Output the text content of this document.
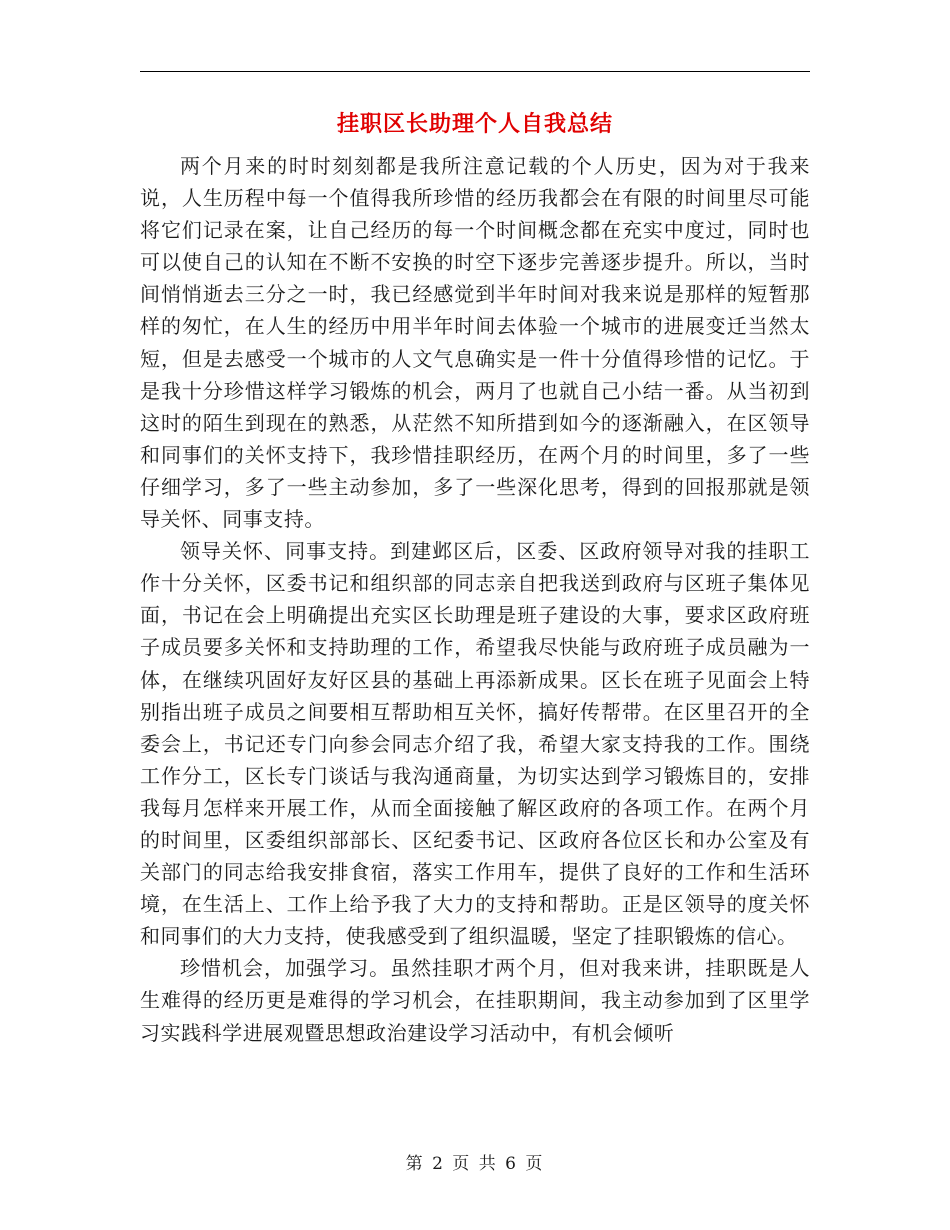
挂职区长助理个人自我总结

两个月来的时时刻刻都是我所注意记载的个人历史，因为对于我来说，人生历程中每一个值得我所珍惜的经历我都会在有限的时间里尽可能将它们记录在案，让自己经历的每一个时间概念都在充实中度过，同时也可以使自己的认知在不断不安换的时空下逐步完善逐步提升。所以，当时间悄悄逝去三分之一时，我已经感觉到半年时间对我来说是那样的短暂那样的匆忙，在人生的经历中用半年时间去体验一个城市的进展变迁当然太短，但是去感受一个城市的人文气息确实是一件十分值得珍惜的记忆。于是我十分珍惜这样学习锻炼的机会，两月了也就自己小结一番。从当初到这时的陌生到现在的熟悉，从茫然不知所措到如今的逐渐融入，在区领导和同事们的关怀支持下，我珍惜挂职经历，在两个月的时间里，多了一些仔细学习，多了一些主动参加，多了一些深化思考，得到的回报那就是领导关怀、同事支持。

领导关怀、同事支持。到建邺区后，区委、区政府领导对我的挂职工作十分关怀，区委书记和组织部的同志亲自把我送到政府与区班子集体见面，书记在会上明确提出充实区长助理是班子建设的大事，要求区政府班子成员要多关怀和支持助理的工作，希望我尽快能与政府班子成员融为一体，在继续巩固好友好区县的基础上再添新成果。区长在班子见面会上特别指出班子成员之间要相互帮助相互关怀，搞好传帮带。在区里召开的全委会上，书记还专门向参会同志介绍了我，希望大家支持我的工作。围绕工作分工，区长专门谈话与我沟通商量，为切实达到学习锻炼目的，安排我每月怎样来开展工作，从而全面接触了解区政府的各项工作。在两个月的时间里，区委组织部部长、区纪委书记、区政府各位区长和办公室及有关部门的同志给我安排食宿，落实工作用车，提供了良好的工作和生活环境，在生活上、工作上给予我了大力的支持和帮助。正是区领导的度关怀和同事们的大力支持，使我感受到了组织温暖，坚定了挂职锻炼的信心。

珍惜机会，加强学习。虽然挂职才两个月，但对我来讲，挂职既是人生难得的经历更是难得的学习机会，在挂职期间，我主动参加到了区里学习实践科学进展观暨思想政治建设学习活动中，有机会倾听

第 2 页 共 6 页
